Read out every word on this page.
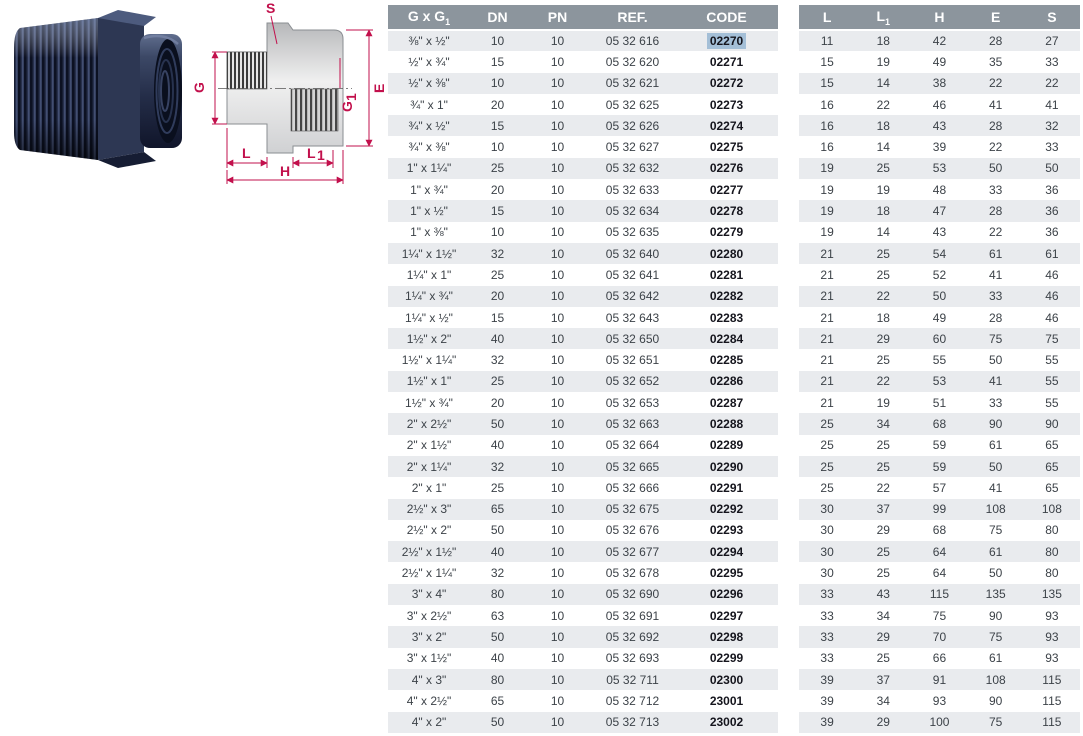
S
G
G
1
E
L	L 1
H
G x $G_1$	DN	PN	REF.	CODE
⅜" x ½"	10	10	05 32 616	02270
½" x ¾"	15	10	05 32 620	02271
½" x ⅜"	10	10	05 32 621	02272
¾" x 1"	20	10	05 32 625	02273
¾" x ½"	15	10	05 32 626	02274
¾" x ⅜"	10	10	05 32 627	02275
1" x 1¼"	25	10	05 32 632	02276
1" x ¾"	20	10	05 32 633	02277
1" x ½"	15	10	05 32 634	02278
1" x ⅜"	10	10	05 32 635	02279
1¼" x 1½"	32	10	05 32 640	02280
1¼" x 1"	25	10	05 32 641	02281
1¼" x ¾"	20	10	05 32 642	02282
1¼" x ½"	15	10	05 32 643	02283
1½" x 2"	40	10	05 32 650	02284
1½" x 1¼"	32	10	05 32 651	02285
1½" x 1"	25	10	05 32 652	02286
1½" x ¾"	20	10	05 32 653	02287
2" x 2½"	50	10	05 32 663	02288
2" x 1½"	40	10	05 32 664	02289
2" x 1¼"	32	10	05 32 665	02290
2" x 1"	25	10	05 32 666	02291
2½" x 3"	65	10	05 32 675	02292
2½" x 2"	50	10	05 32 676	02293
2½" x 1½"	40	10	05 32 677	02294
2½" x 1¼"	32	10	05 32 678	02295
3" x 4"	80	10	05 32 690	02296
3" x 2½"	63	10	05 32 691	02297
3" x 2"	50	10	05 32 692	02298
3" x 1½"	40	10	05 32 693	02299
4" x 3"	80	10	05 32 711	02300
4" x 2½"	65	10	05 32 712	23001
4" x 2"	50	10	05 32 713	23002
L	$L_1$	H	E	S
11	18	42	28	27
15	19	49	35	33
15	14	38	22	22
16	22	46	41	41
16	18	43	28	32
16	14	39	22	33
19	25	53	50	50
19	19	48	33	36
19	18	47	28	36
19	14	43	22	36
21	25	54	61	61
21	25	52	41	46
21	22	50	33	46
21	18	49	28	46
21	29	60	75	75
21	25	55	50	55
21	22	53	41	55
21	19	51	33	55
25	34	68	90	90
25	25	59	61	65
25	25	59	50	65
25	22	57	41	65
30	37	99	108	108
30	29	68	75	80
30	25	64	61	80
30	25	64	50	80
33	43	115	135	135
33	34	75	90	93
33	29	70	75	93
33	25	66	61	93
39	37	91	108	115
39	34	93	90	115
39	29	100	75	115
